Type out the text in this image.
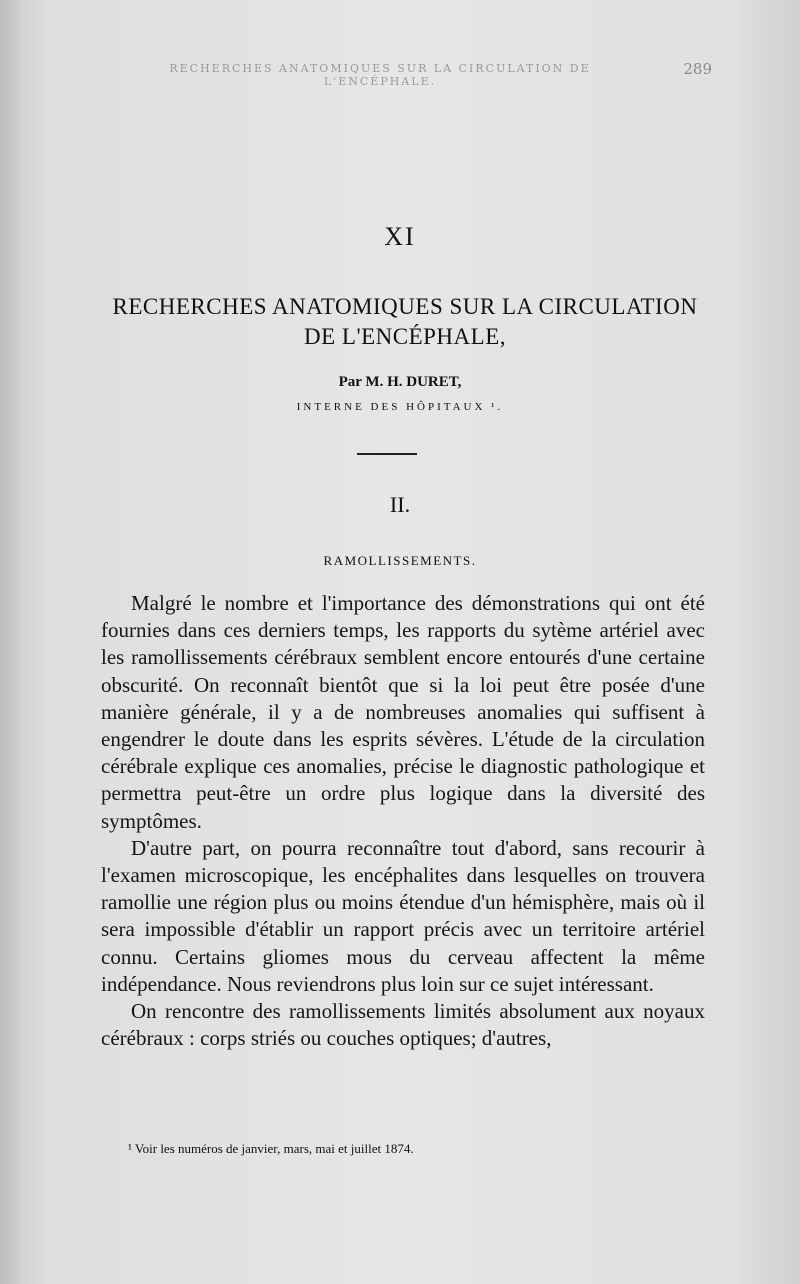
RECHERCHES ANATOMIQUES SUR LA CIRCULATION DE L'ENCÉPHALE.
289
XI
RECHERCHES ANATOMIQUES SUR LA CIRCULATION
DE L'ENCÉPHALE,
Par M. H. DURET,
INTERNE DES HÔPITAUX ¹.
II.
RAMOLLISSEMENTS.

Malgré le nombre et l'importance des démonstrations qui ont été fournies dans ces derniers temps, les rapports du sytème artériel avec les ramollissements cérébraux semblent encore entourés d'une certaine obscurité. On reconnaît bientôt que si la loi peut être posée d'une manière générale, il y a de nombreuses anomalies qui suffisent à engendrer le doute dans les esprits sévères. L'étude de la circulation cérébrale explique ces anomalies, précise le diagnostic pathologique et permettra peut-être un ordre plus logique dans la diversité des symptômes.

D'autre part, on pourra reconnaître tout d'abord, sans recourir à l'examen microscopique, les encéphalites dans lesquelles on trouvera ramollie une région plus ou moins étendue d'un hémisphère, mais où il sera impossible d'établir un rapport précis avec un territoire artériel connu. Certains gliomes mous du cerveau affectent la même indépendance. Nous reviendrons plus loin sur ce sujet intéressant.

On rencontre des ramollissements limités absolument aux noyaux cérébraux : corps striés ou couches optiques; d'autres,

¹ Voir les numéros de janvier, mars, mai et juillet 1874.
